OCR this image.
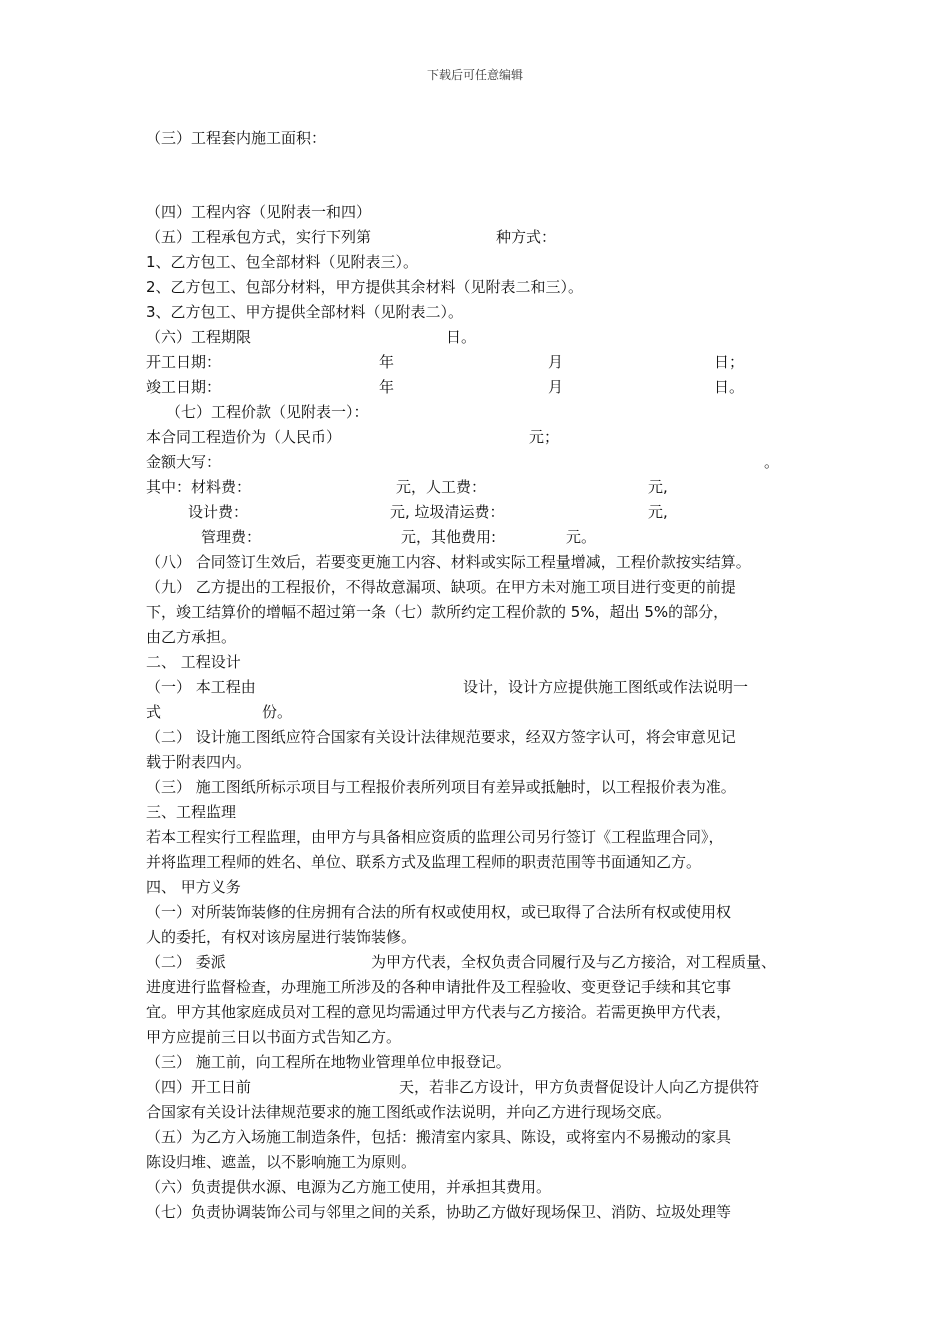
下载后可任意编辑
（三）工程套内施工面积：
（四）工程内容（见附表一和四）
（五）工程承包方式，实行下列第	种方式：
1、乙方包工、包全部材料（见附表三）。
2、乙方包工、包部分材料，甲方提供其余材料（见附表二和三）。
3、乙方包工、甲方提供全部材料（见附表二）。
（六）工程期限	日。
开工日期：	年	月	日；
竣工日期：	年	月	日。
（七）工程价款（见附表一）：
本合同工程造价为（人民币）	元；
金额大写：	。
其中：材料费：	元，人工费：	元,
设计费：	元, 垃圾清运费：	元,
管理费：	元，其他费用:	元。
（八） 合同签订生效后，若要变更施工内容、材料或实际工程量增减，工程价款按实结算。
（九） 乙方提出的工程报价，不得故意漏项、缺项。在甲方未对施工项目进行变更的前提
下，竣工结算价的增幅不超过第一条（七）款所约定工程价款的 5%，超出 5%的部分，
由乙方承担。
二、 工程设计
（一） 本工程由	设计，设计方应提供施工图纸或作法说明一
式	份。
（二） 设计施工图纸应符合国家有关设计法律规范要求，经双方签字认可，将会审意见记
载于附表四内。
（三） 施工图纸所标示项目与工程报价表所列项目有差异或抵触时，以工程报价表为准。
三、工程监理
若本工程实行工程监理，由甲方与具备相应资质的监理公司另行签订《工程监理合同》，
并将监理工程师的姓名、单位、联系方式及监理工程师的职责范围等书面通知乙方。
四、 甲方义务
（一）对所装饰装修的住房拥有合法的所有权或使用权，或已取得了合法所有权或使用权
人的委托，有权对该房屋进行装饰装修。
（二） 委派	为甲方代表，全权负责合同履行及与乙方接洽，对工程质量、
进度进行监督检查，办理施工所涉及的各种申请批件及工程验收、变更登记手续和其它事
宜。甲方其他家庭成员对工程的意见均需通过甲方代表与乙方接洽。若需更换甲方代表，
甲方应提前三日以书面方式告知乙方。
（三） 施工前，向工程所在地物业管理单位申报登记。
（四）开工日前	天，若非乙方设计，甲方负责督促设计人向乙方提供符
合国家有关设计法律规范要求的施工图纸或作法说明，并向乙方进行现场交底。
（五）为乙方入场施工制造条件，包括：搬清室内家具、陈设，或将室内不易搬动的家具
陈设归堆、遮盖，以不影响施工为原则。
（六）负责提供水源、电源为乙方施工使用，并承担其费用。
（七）负责协调装饰公司与邻里之间的关系，协助乙方做好现场保卫、消防、垃圾处理等
